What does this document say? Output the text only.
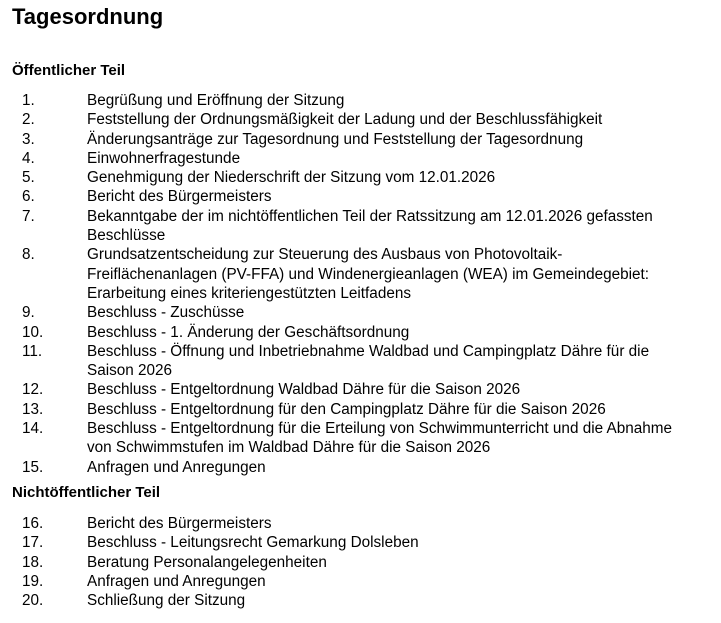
Tagesordnung
Öffentlicher Teil
1.	Begrüßung und Eröffnung der Sitzung
2.	Feststellung der Ordnungsmäßigkeit der Ladung und der Beschlussfähigkeit
3.	Änderungsanträge zur Tagesordnung und Feststellung der Tagesordnung
4.	Einwohnerfragestunde
5.	Genehmigung der Niederschrift der Sitzung vom 12.01.2026
6.	Bericht des Bürgermeisters
7.	Bekanntgabe der im nichtöffentlichen Teil der Ratssitzung am 12.01.2026 gefassten Beschlüsse
8.	Grundsatzentscheidung zur Steuerung des Ausbaus von Photovoltaik-Freiflächenanlagen (PV-FFA) und Windenergieanlagen (WEA) im Gemeindegebiet: Erarbeitung eines kriteriengestützten Leitfadens
9.	Beschluss - Zuschüsse
10.	Beschluss - 1. Änderung der Geschäftsordnung
11.	Beschluss - Öffnung und Inbetriebnahme Waldbad und Campingplatz Dähre für die Saison 2026
12.	Beschluss - Entgeltordnung Waldbad Dähre für die Saison 2026
13.	Beschluss - Entgeltordnung für den Campingplatz Dähre für die Saison 2026
14.	Beschluss - Entgeltordnung für die Erteilung von Schwimmunterricht und die Abnahme von Schwimmstufen im Waldbad Dähre für die Saison 2026
15.	Anfragen und Anregungen
Nichtöffentlicher Teil
16.	Bericht des Bürgermeisters
17.	Beschluss - Leitungsrecht Gemarkung Dolsleben
18.	Beratung Personalangelegenheiten
19.	Anfragen und Anregungen
20.	Schließung der Sitzung
